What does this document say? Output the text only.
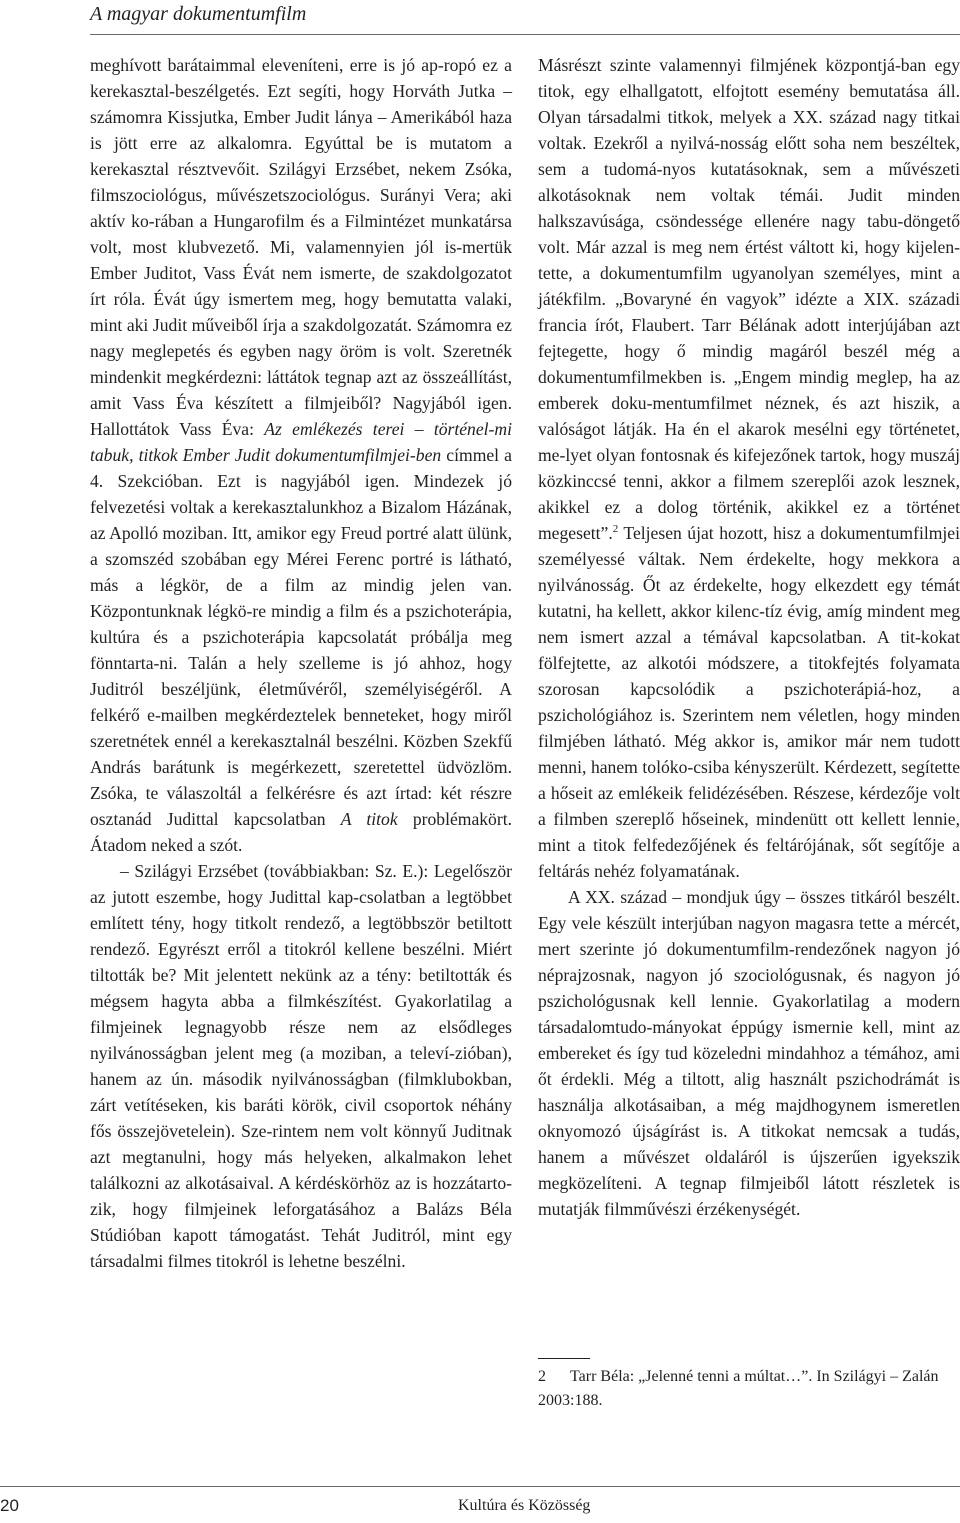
A magyar dokumentumfilm

meghívott barátaimmal eleveníteni, erre is jó ap-ropó ez a kerekasztal-beszélgetés. Ezt segíti, hogy Horváth Jutka – számomra Kissjutka, Ember Judit lánya – Amerikából haza is jött erre az alkalomra. Egyúttal be is mutatom a kerekasztal résztvevőit. Szilágyi Erzsébet, nekem Zsóka, filmszociológus, művészetszociológus. Surányi Vera; aki aktív ko-rában a Hungarofilm és a Filmintézet munkatársa volt, most klubvezető. Mi, valamennyien jól is-mertük Ember Juditot, Vass Évát nem ismerte, de szakdolgozatot írt róla. Évát úgy ismertem meg, hogy bemutatta valaki, mint aki Judit műveiből írja a szakdolgozatát. Számomra ez nagy meglepetés és egyben nagy öröm is volt. Szeretnék mindenkit megkérdezni: láttátok tegnap azt az összeállítást, amit Vass Éva készített a filmjeiből? Nagyjából igen. Hallottátok Vass Éva: Az emlékezés terei – történel-mi tabuk, titkok Ember Judit dokumentumfilmjei-ben címmel a 4. Szekcióban. Ezt is nagyjából igen. Mindezek jó felvezetési voltak a kerekasztalunkhoz a Bizalom Házának, az Apolló moziban. Itt, amikor egy Freud portré alatt ülünk, a szomszéd szobában egy Mérei Ferenc portré is látható, más a légkör, de a film az mindig jelen van. Központunknak légkö-re mindig a film és a pszichoterápia, kultúra és a pszichoterápia kapcsolatát próbálja meg fönntarta-ni. Talán a hely szelleme is jó ahhoz, hogy Juditról beszéljünk, életművéről, személyiségéről. A felkérő e-mailben megkérdeztelek benneteket, hogy miről szeretnétek ennél a kerekasztalnál beszélni. Közben Szekfű András barátunk is megérkezett, szeretettel üdvözlöm. Zsóka, te válaszoltál a felkérésre és azt írtad: két részre osztanád Judittal kapcsolatban A titok problémakört. Átadom neked a szót.

– Szilágyi Erzsébet (továbbiakban: Sz. E.): Legelőször az jutott eszembe, hogy Judittal kap-csolatban a legtöbbet említett tény, hogy titkolt rendező, a legtöbbször betiltott rendező. Egyrészt erről a titokról kellene beszélni. Miért tiltották be? Mit jelentett nekünk az a tény: betiltották és mégsem hagyta abba a filmkészítést. Gyakorlatilag a filmjeinek legnagyobb része nem az elsődleges nyilvánosságban jelent meg (a moziban, a televí-zióban), hanem az ún. második nyilvánosságban (filmklubokban, zárt vetítéseken, kis baráti körök, civil csoportok néhány fős összejövetelein). Sze-rintem nem volt könnyű Juditnak azt megtanulni, hogy más helyeken, alkalmakon lehet találkozni az alkotásaival. A kérdéskörhöz az is hozzátarto-zik, hogy filmjeinek leforgatásához a Balázs Béla Stúdióban kapott támogatást. Tehát Juditról, mint egy társadalmi filmes titokról is lehetne beszélni.

Másrészt szinte valamennyi filmjének központjá-ban egy titok, egy elhallgatott, elfojtott esemény bemutatása áll. Olyan társadalmi titkok, melyek a XX. század nagy titkai voltak. Ezekről a nyilvá-nosság előtt soha nem beszéltek, sem a tudomá-nyos kutatásoknak, sem a művészeti alkotásoknak nem voltak témái. Judit minden halkszavúsága, csöndessége ellenére nagy tabu-döngető volt. Már azzal is meg nem értést váltott ki, hogy kijelen-tette, a dokumentumfilm ugyanolyan személyes, mint a játékfilm. „Bovaryné én vagyok” idézte a XIX. századi francia írót, Flaubert. Tarr Bélának adott interjújában azt fejtegette, hogy ő mindig magáról beszél még a dokumentumfilmekben is. „Engem mindig meglep, ha az emberek doku-mentumfilmet néznek, és azt hiszik, a valóságot látják. Ha én el akarok mesélni egy történetet, me-lyet olyan fontosnak és kifejezőnek tartok, hogy muszáj közkinccsé tenni, akkor a filmem szereplői azok lesznek, akikkel ez a dolog történik, akikkel ez a történet megesett”.$^2$ Teljesen újat hozott, hisz a dokumentumfilmjei személyessé váltak. Nem érdekelte, hogy mekkora a nyilvánosság. Őt az érdekelte, hogy elkezdett egy témát kutatni, ha kellett, akkor kilenc-tíz évig, amíg mindent meg nem ismert azzal a témával kapcsolatban. A tit-kokat fölfejtette, az alkotói módszere, a titokfejtés folyamata szorosan kapcsolódik a pszichoterápiá-hoz, a pszichológiához is. Szerintem nem véletlen, hogy minden filmjében látható. Még akkor is, amikor már nem tudott menni, hanem tolóko-csiba kényszerült. Kérdezett, segítette a hőseit az emlékeik felidézésében. Részese, kérdezője volt a filmben szereplő hőseinek, mindenütt ott kellett lennie, mint a titok felfedezőjének és feltárójának, sőt segítője a feltárás nehéz folyamatának.

A XX. század – mondjuk úgy – összes titkáról beszélt. Egy vele készült interjúban nagyon magasra tette a mércét, mert szerinte jó dokumentumfilm-rendezőnek nagyon jó néprajzosnak, nagyon jó szociológusnak, és nagyon jó pszichológusnak kell lennie. Gyakorlatilag a modern társadalomtudo-mányokat éppúgy ismernie kell, mint az embereket és így tud közeledni mindahhoz a témához, ami őt érdekli. Még a tiltott, alig használt pszichodrámát is használja alkotásaiban, a még majdhogynem ismeretlen oknyomozó újságírást is. A titkokat nemcsak a tudás, hanem a művészet oldaláról is újszerűen igyekszik megközelíteni. A tegnap filmjeiből látott részletek is mutatják filmművészi érzékenységét.

2 Tarr Béla: „Jelenné tenni a múltat…”. In Szilágyi – Zalán 2003:188.
20	Kultúra és Közösség
